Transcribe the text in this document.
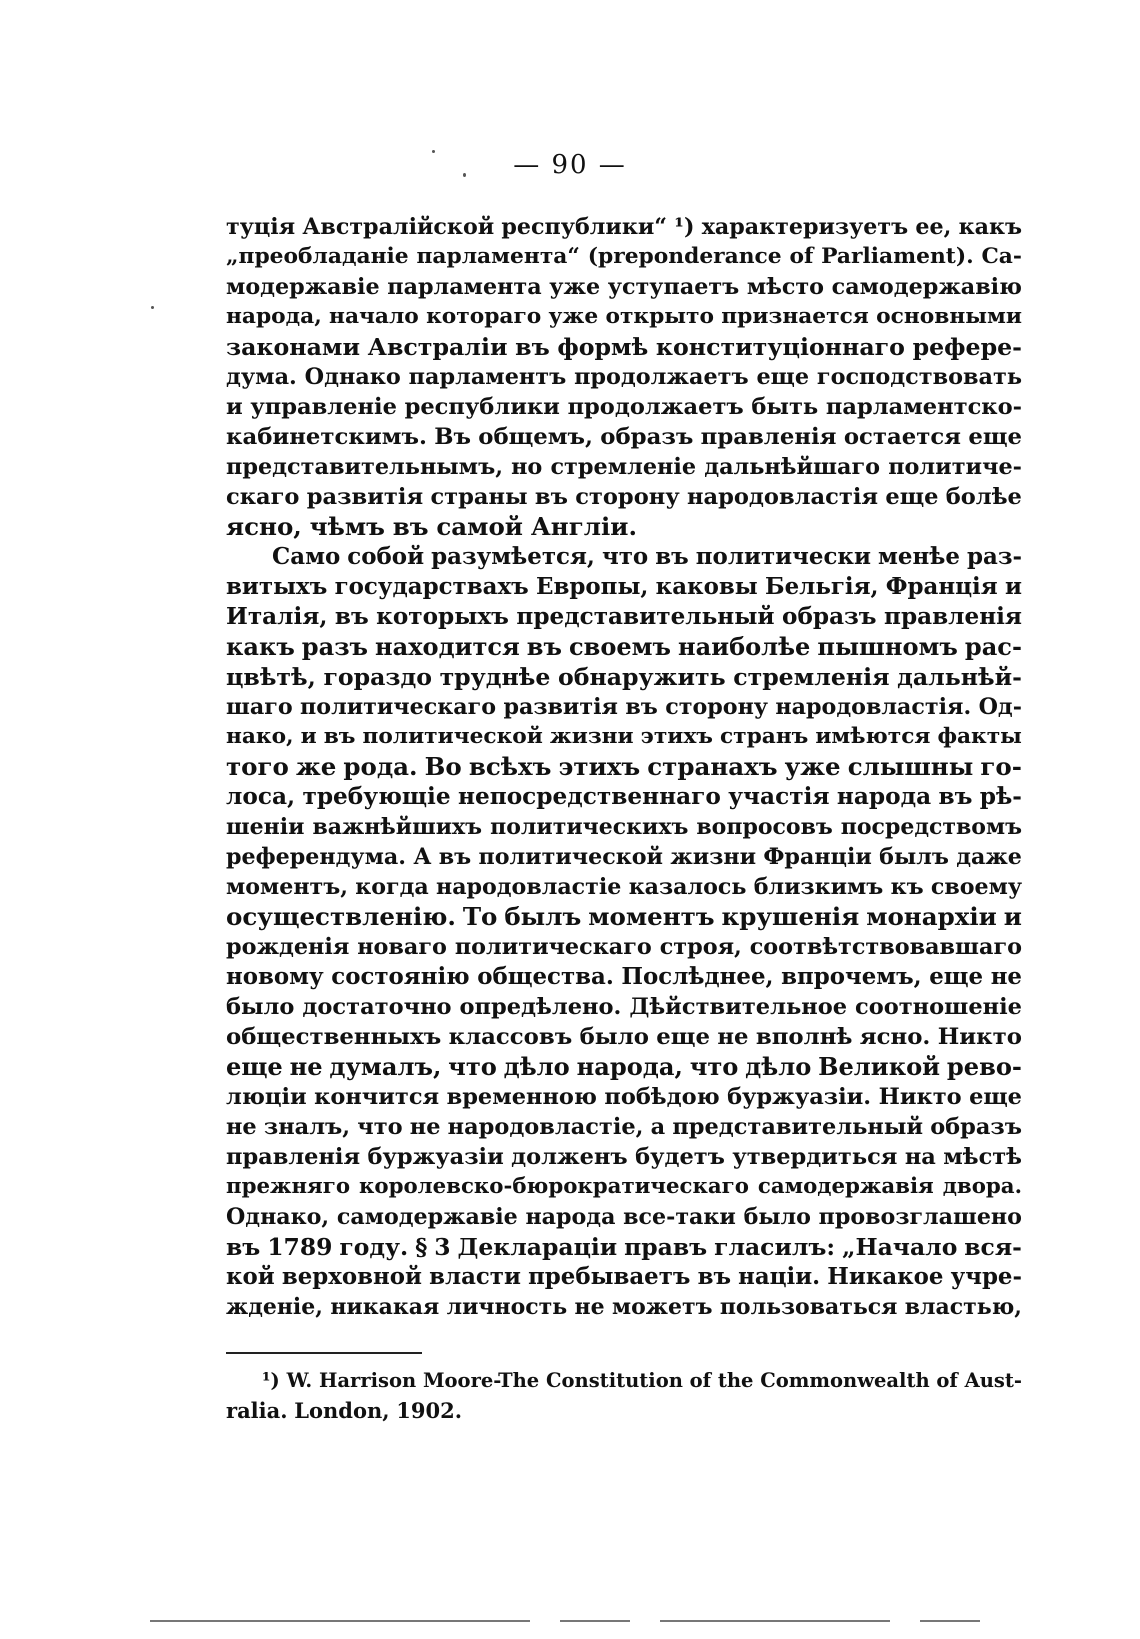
— 90 —
туція Австралійской республики“ ¹) характеризуетъ ее, какъ
„преобладаніе парламента“ (preponderance of Parliament). Са-
модержавіе парламента уже уступаетъ мѣсто самодержавію
народа, начало котораго уже открыто признается основными
законами Австраліи въ формѣ конституціоннаго рефере-
дума. Однако парламентъ продолжаетъ еще господствовать
и управленіе республики продолжаетъ быть парламентско-
кабинетскимъ. Въ общемъ, образъ правленія остается еще
представительнымъ, но стремленіе дальнѣйшаго политиче-
скаго развитія страны въ сторону народовластія еще болѣе
ясно, чѣмъ въ самой Англіи.
Само собой разумѣется, что въ политически менѣе раз-
витыхъ государствахъ Европы, каковы Бельгія, Франція и
Италія, въ которыхъ представительный образъ правленія
какъ разъ находится въ своемъ наиболѣе пышномъ рас-
цвѣтѣ, гораздо труднѣе обнаружить стремленія дальнѣй-
шаго политическаго развитія въ сторону народовластія. Од-
нако, и въ политической жизни этихъ странъ имѣются факты
того же рода. Во всѣхъ этихъ странахъ уже слышны го-
лоса, требующіе непосредственнаго участія народа въ рѣ-
шеніи важнѣйшихъ политическихъ вопросовъ посредствомъ
референдума. А въ политической жизни Франціи былъ даже
моментъ, когда народовластіе казалось близкимъ къ своему
осуществленію. То былъ моментъ крушенія монархіи и
рожденія новаго политическаго строя, соотвѣтствовавшаго
новому состоянію общества. Послѣднее, впрочемъ, еще не
было достаточно опредѣлено. Дѣйствительное соотношеніе
общественныхъ классовъ было еще не вполнѣ ясно. Никто
еще не думалъ, что дѣло народа, что дѣло Великой рево-
люціи кончится временною побѣдою буржуазіи. Никто еще
не зналъ, что не народовластіе, а представительный образъ
правленія буржуазіи долженъ будетъ утвердиться на мѣстѣ
прежняго королевско-бюрократическаго самодержавія двора.
Однако, самодержавіе народа все-таки было провозглашено
въ 1789 году. § 3 Деклараціи правъ гласилъ: „Начало вся-
кой верховной власти пребываетъ въ націи. Никакое учре-
жденіе, никакая личность не можетъ пользоваться властью,
¹) W. Harrison Moore-The Constitution of the Commonwealth of Aust-
ralia. London, 1902.
